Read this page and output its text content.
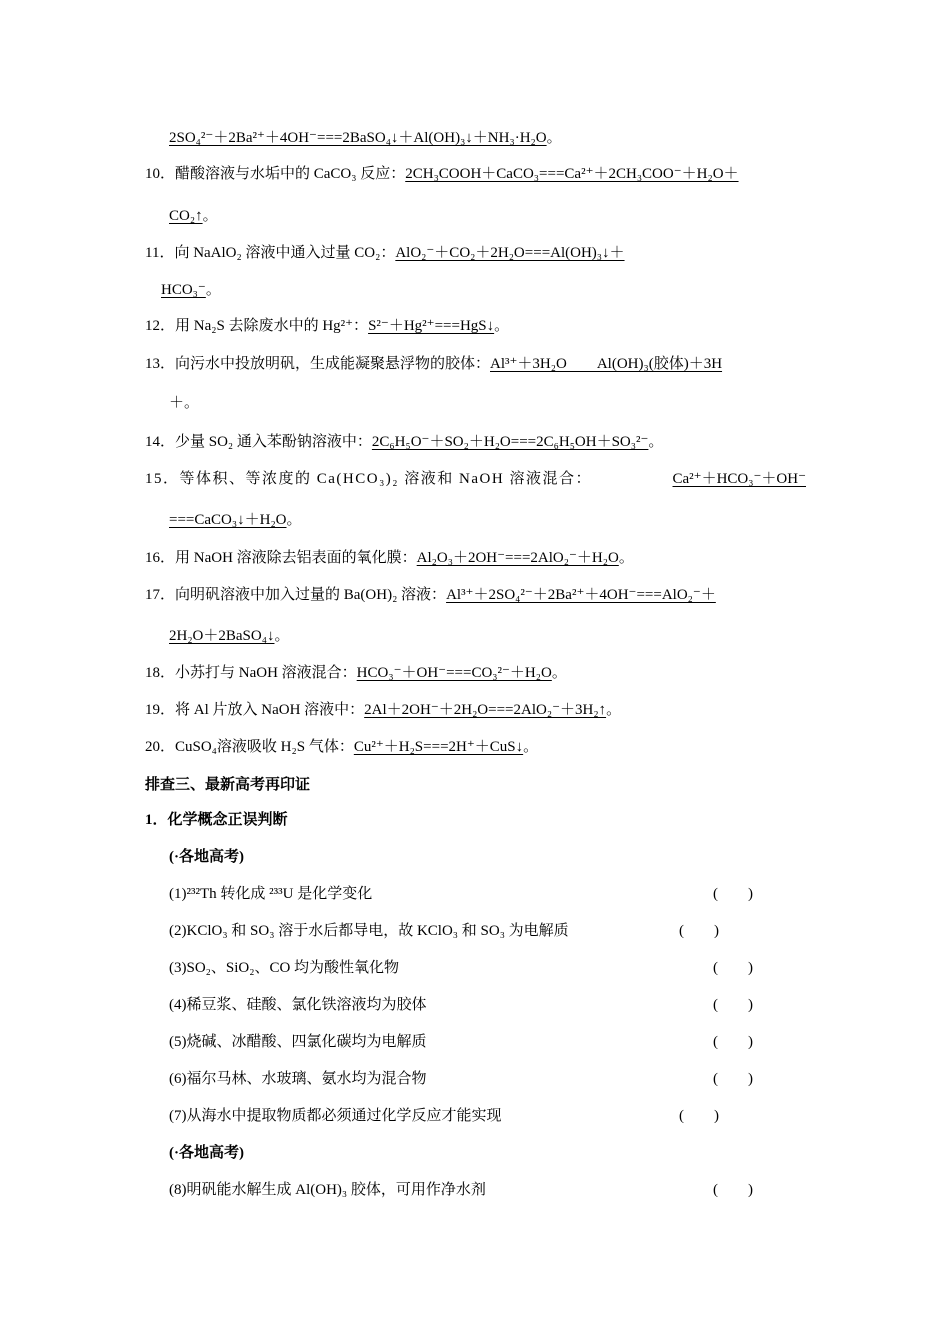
2SO₄²⁻＋2Ba²⁺＋4OH⁻===2BaSO₄↓＋Al(OH)₃↓＋NH₃·H₂O。
10．醋酸溶液与水垢中的 CaCO₃ 反应：2CH₃COOH＋CaCO₃===Ca²⁺＋2CH₃COO⁻＋H₂O＋
CO₂↑。
11．向 NaAlO₂ 溶液中通入过量 CO₂：AlO₂⁻＋CO₂＋2H₂O===Al(OH)₃↓＋
HCO₃⁻。
12．用 Na₂S 去除废水中的 Hg²⁺：S²⁻＋Hg²⁺===HgS↓。
13．向污水中投放明矾，生成能凝聚悬浮物的胶体：Al³⁺＋3H₂O　　Al(OH)₃(胶体)＋3H
＋。
14．少量 SO₂ 通入苯酚钠溶液中：2C₆H₅O⁻＋SO₂＋H₂O===2C₆H₅OH＋SO₃²⁻。
15．等体积、等浓度的 Ca(HCO₃)₂ 溶液和 NaOH 溶液混合：	Ca²⁺＋HCO₃⁻＋OH⁻
===CaCO₃↓＋H₂O。
16．用 NaOH 溶液除去铝表面的氧化膜：Al₂O₃＋2OH⁻===2AlO₂⁻＋H₂O。
17．向明矾溶液中加入过量的 Ba(OH)₂ 溶液：Al³⁺＋2SO₄²⁻＋2Ba²⁺＋4OH⁻===AlO₂⁻＋
2H₂O＋2BaSO₄↓。
18．小苏打与 NaOH 溶液混合：HCO₃⁻＋OH⁻===CO₃²⁻＋H₂O。
19．将 Al 片放入 NaOH 溶液中：2Al＋2OH⁻＋2H₂O===2AlO₂⁻＋3H₂↑。
20．CuSO₄溶液吸收 H₂S 气体：Cu²⁺＋H₂S===2H⁺＋CuS↓。
排查三、最新高考再印证
1．化学概念正误判断
(·各地高考)
(1)²³²Th 转化成 ²³³U 是化学变化	(　　)
(2)KClO₃ 和 SO₃ 溶于水后都导电，故 KClO₃ 和 SO₃ 为电解质	(　　)
(3)SO₂、SiO₂、CO 均为酸性氧化物	(　　)
(4)稀豆浆、硅酸、氯化铁溶液均为胶体	(　　)
(5)烧碱、冰醋酸、四氯化碳均为电解质	(　　)
(6)福尔马林、水玻璃、氨水均为混合物	(　　)
(7)从海水中提取物质都必须通过化学反应才能实现	(　　)
(·各地高考)
(8)明矾能水解生成 Al(OH)₃ 胶体，可用作净水剂	(　　)
